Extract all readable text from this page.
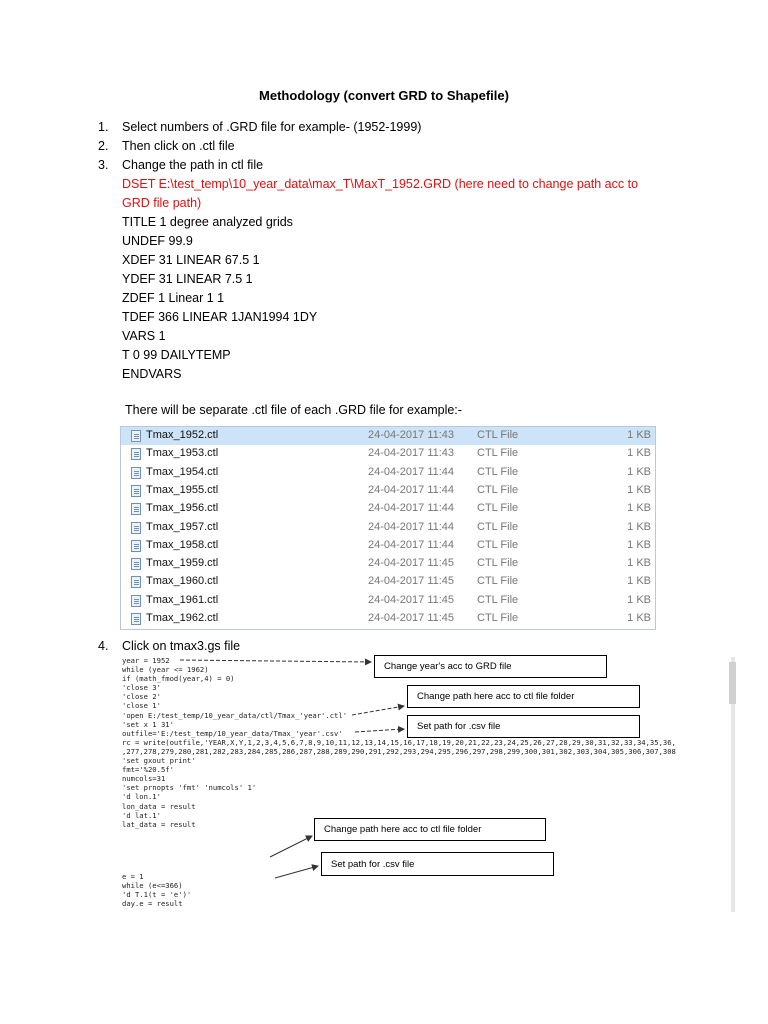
Methodology (convert GRD to Shapefile)
1. Select numbers of .GRD file for example- (1952-1999)
2. Then click on .ctl file
3. Change the path in ctl file
DSET E:\test_temp\10_year_data\max_T\MaxT_1952.GRD (here need to change path acc to
GRD file path)
TITLE 1 degree analyzed grids
UNDEF 99.9
XDEF 31 LINEAR 67.5 1
YDEF 31 LINEAR 7.5 1
ZDEF 1 Linear 1 1
TDEF 366 LINEAR 1JAN1994 1DY
VARS 1
T 0 99 DAILYTEMP
ENDVARS
There will be separate .ctl file of each .GRD file for example:-
Tmax_1952.ctl	24-04-2017 11:43 CTL File	1 KB
Tmax_1953.ctl	24-04-2017 11:43 CTL File	1 KB
Tmax_1954.ctl	24-04-2017 11:44 CTL File	1 KB
Tmax_1955.ctl	24-04-2017 11:44 CTL File	1 KB
Tmax_1956.ctl	24-04-2017 11:44 CTL File	1 KB
Tmax_1957.ctl	24-04-2017 11:44 CTL File	1 KB
Tmax_1958.ctl	24-04-2017 11:44 CTL File	1 KB
Tmax_1959.ctl	24-04-2017 11:45 CTL File	1 KB
Tmax_1960.ctl	24-04-2017 11:45 CTL File	1 KB
Tmax_1961.ctl	24-04-2017 11:45 CTL File	1 KB
Tmax_1962.ctl	24-04-2017 11:45 CTL File	1 KB
4. Click on tmax3.gs file
year = 1952
while (year <= 1962)
if (math_fmod(year,4) = 0)
'close 3'
'close 2'
'close 1'
'open E:/test_temp/10_year_data/ctl/Tmax_'year'.ctl'
'set x 1 31'
outfile='E:/test_temp/10_year_data/Tmax_'year'.csv'
rc = write(outfile,'YEAR,X,Y,1,2,3,4,5,6,7,8,9,10,11,12,13,14,15,16,17,18,19,20,21,22,23,24,25,26,27,28,29,30,31,32,33,34,35,36,
,277,278,279,280,281,282,283,284,285,286,287,288,289,290,291,292,293,294,295,296,297,298,299,300,301,302,303,304,305,306,307,308
'set gxout print'
fmt='%20.5f'
numcols=31
'set prnopts 'fmt' 'numcols' 1'
'd lon.1'
lon_data = result
'd lat.1'
lat_data = result
e = 1
while (e<=366)
'd T.1(t = 'e')'
day.e = result
Change year's acc to GRD file
Change path here acc to ctl file folder
Set path for .csv file
Change path here acc to ctl file folder
Set path for .csv file
